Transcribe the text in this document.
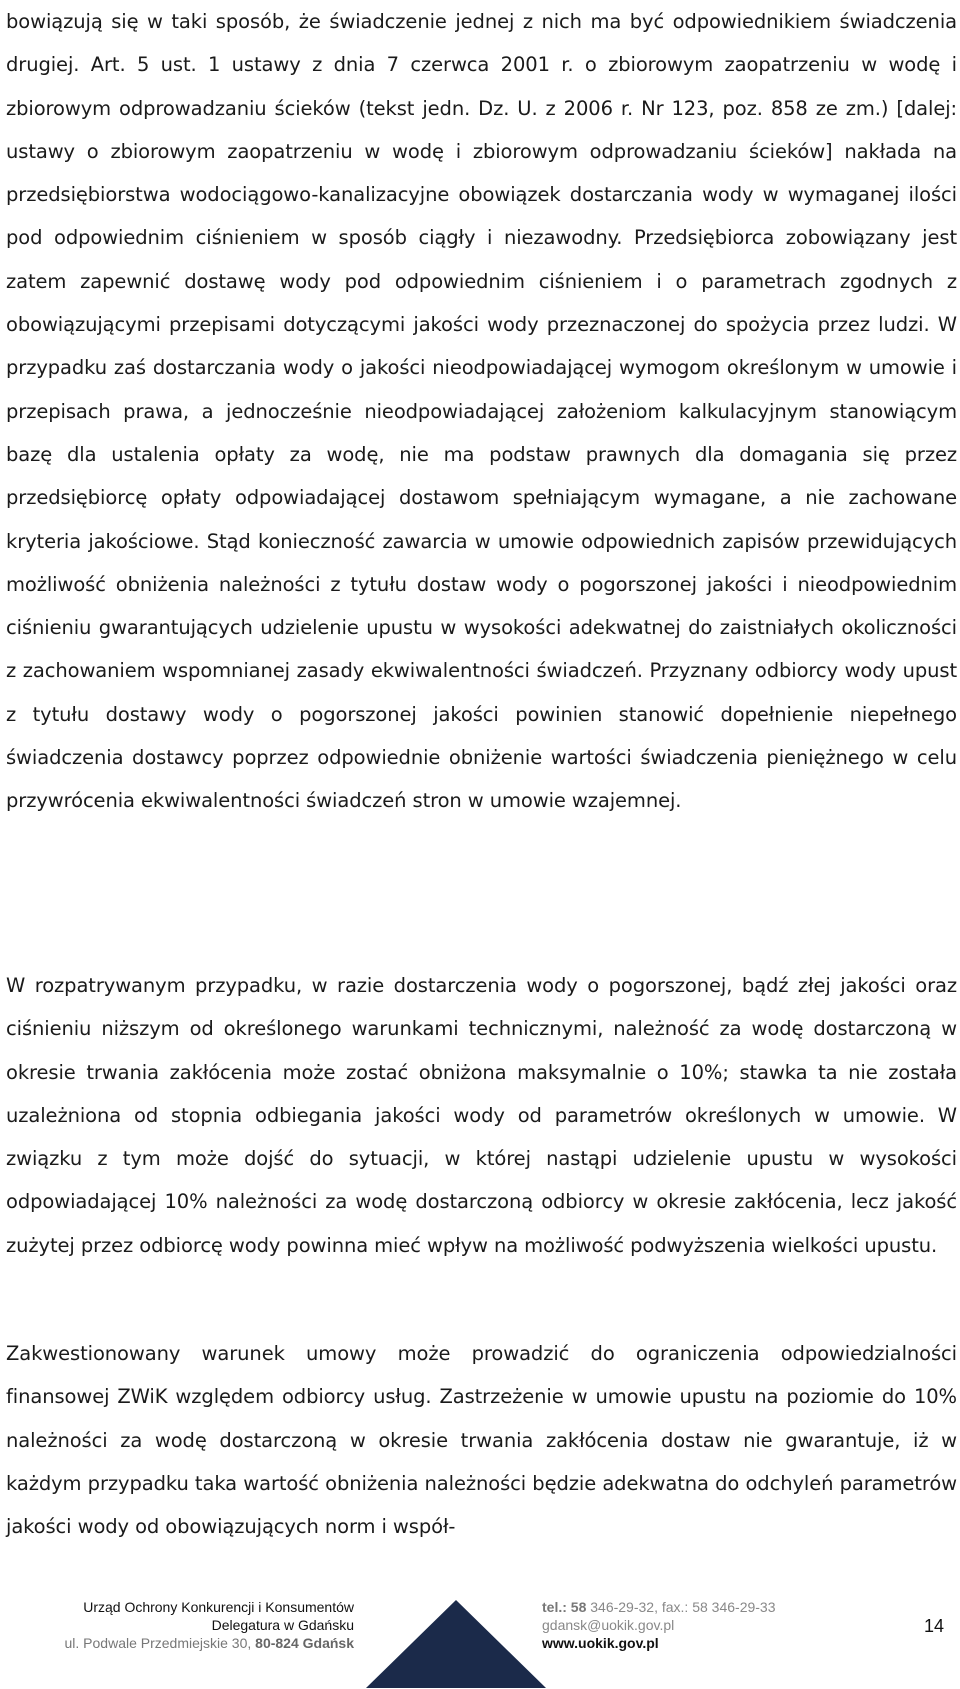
bowiązują się w taki sposób, że świadczenie jednej z nich ma być odpowiednikiem świadczenia drugiej. Art. 5 ust. 1 ustawy z dnia 7 czerwca 2001 r. o zbiorowym zaopatrzeniu w wodę i zbiorowym odprowadzaniu ścieków (tekst jedn. Dz. U. z 2006 r. Nr 123, poz. 858 ze zm.) [dalej: ustawy o zbiorowym zaopatrzeniu w wodę i zbiorowym odprowadzaniu ścieków] nakłada na przedsiębiorstwa wodociągowo-kanalizacyjne obowiązek dostarczania wody w wymaganej ilości pod odpowiednim ciśnieniem w sposób ciągły i niezawodny. Przedsiębiorca zobowiązany jest zatem zapewnić dostawę wody pod odpowiednim ciśnieniem i o parametrach zgodnych z obowiązującymi przepisami dotyczącymi jakości wody przeznaczonej do spożycia przez ludzi. W przypadku zaś dostarczania wody o jakości nieodpowiadającej wymogom określonym w umowie i przepisach prawa, a jednocześnie nieodpowiadającej założeniom kalkulacyjnym stanowiącym bazę dla ustalenia opłaty za wodę, nie ma podstaw prawnych dla domagania się przez przedsiębiorcę opłaty odpowiadającej dostawom spełniającym wymagane, a nie zachowane kryteria jakościowe. Stąd konieczność zawarcia w umowie odpowiednich zapisów przewidujących możliwość obniżenia należności z tytułu dostaw wody o pogorszonej jakości i nieodpowiednim ciśnieniu gwarantujących udzielenie upustu w wysokości adekwatnej do zaistniałych okoliczności z zachowaniem wspomnianej zasady ekwiwalentności świadczeń. Przyznany odbiorcy wody upust z tytułu dostawy wody o pogorszonej jakości powinien stanowić dopełnienie niepełnego świadczenia dostawcy poprzez odpowiednie obniżenie wartości świadczenia pieniężnego w celu przywrócenia ekwiwalentności świadczeń stron w umowie wzajemnej.

W rozpatrywanym przypadku, w razie dostarczenia wody o pogorszonej, bądź złej jakości oraz ciśnieniu niższym od określonego warunkami technicznymi, należność za wodę dostarczoną w okresie trwania zakłócenia może zostać obniżona maksymalnie o 10%; stawka ta nie została uzależniona od stopnia odbiegania jakości wody od parametrów określonych w umowie. W związku z tym może dojść do sytuacji, w której nastąpi udzielenie upustu w wysokości odpowiadającej 10% należności za wodę dostarczoną odbiorcy w okresie zakłócenia, lecz jakość zużytej przez odbiorcę wody powinna mieć wpływ na możliwość podwyższenia wielkości upustu.

Zakwestionowany warunek umowy może prowadzić do ograniczenia odpowiedzialności finansowej ZWiK względem odbiorcy usług. Zastrzeżenie w umowie upustu na poziomie do 10% należności za wodę dostarczoną w okresie trwania zakłócenia dostaw nie gwarantuje, iż w każdym przypadku taka wartość obniżenia należności będzie adekwatna do odchyleń parametrów jakości wody od obowiązujących norm i współ-

Urząd Ochrony Konkurencji i Konsumentów
Delegatura w Gdańsku
ul. Podwale Przedmiejskie 30, 80-824 Gdańsk
tel.: 58 346-29-32, fax.: 58 346-29-33
gdansk@uokik.gov.pl
www.uokik.gov.pl
14
